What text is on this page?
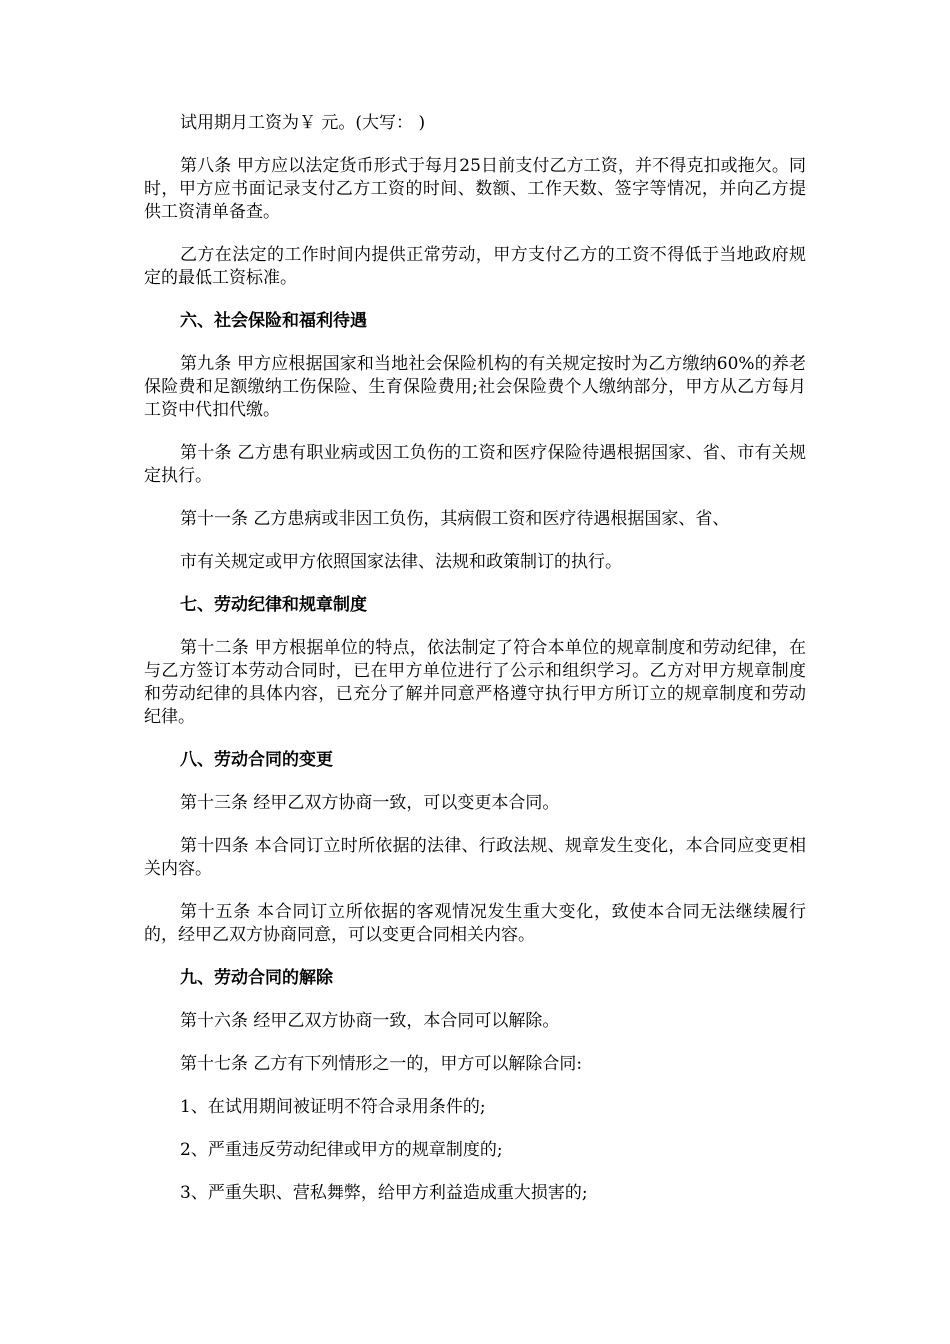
试用期月工资为￥ 元。(大写： )

第八条 甲方应以法定货币形式于每月25日前支付乙方工资，并不得克扣或拖欠。同时，甲方应书面记录支付乙方工资的时间、数额、工作天数、签字等情况，并向乙方提供工资清单备查。

乙方在法定的工作时间内提供正常劳动，甲方支付乙方的工资不得低于当地政府规定的最低工资标准。

六、社会保险和福利待遇

第九条 甲方应根据国家和当地社会保险机构的有关规定按时为乙方缴纳60%的养老保险费和足额缴纳工伤保险、生育保险费用;社会保险费个人缴纳部分，甲方从乙方每月工资中代扣代缴。

第十条 乙方患有职业病或因工负伤的工资和医疗保险待遇根据国家、省、市有关规定执行。

第十一条 乙方患病或非因工负伤，其病假工资和医疗待遇根据国家、省、

市有关规定或甲方依照国家法律、法规和政策制订的执行。

七、劳动纪律和规章制度

第十二条 甲方根据单位的特点，依法制定了符合本单位的规章制度和劳动纪律，在与乙方签订本劳动合同时，已在甲方单位进行了公示和组织学习。乙方对甲方规章制度和劳动纪律的具体内容，已充分了解并同意严格遵守执行甲方所订立的规章制度和劳动纪律。

八、劳动合同的变更

第十三条 经甲乙双方协商一致，可以变更本合同。

第十四条 本合同订立时所依据的法律、行政法规、规章发生变化，本合同应变更相关内容。

第十五条 本合同订立所依据的客观情况发生重大变化，致使本合同无法继续履行的，经甲乙双方协商同意，可以变更合同相关内容。

九、劳动合同的解除

第十六条 经甲乙双方协商一致，本合同可以解除。

第十七条 乙方有下列情形之一的，甲方可以解除合同:

1、在试用期间被证明不符合录用条件的;

2、严重违反劳动纪律或甲方的规章制度的;

3、严重失职、营私舞弊，给甲方利益造成重大损害的;
